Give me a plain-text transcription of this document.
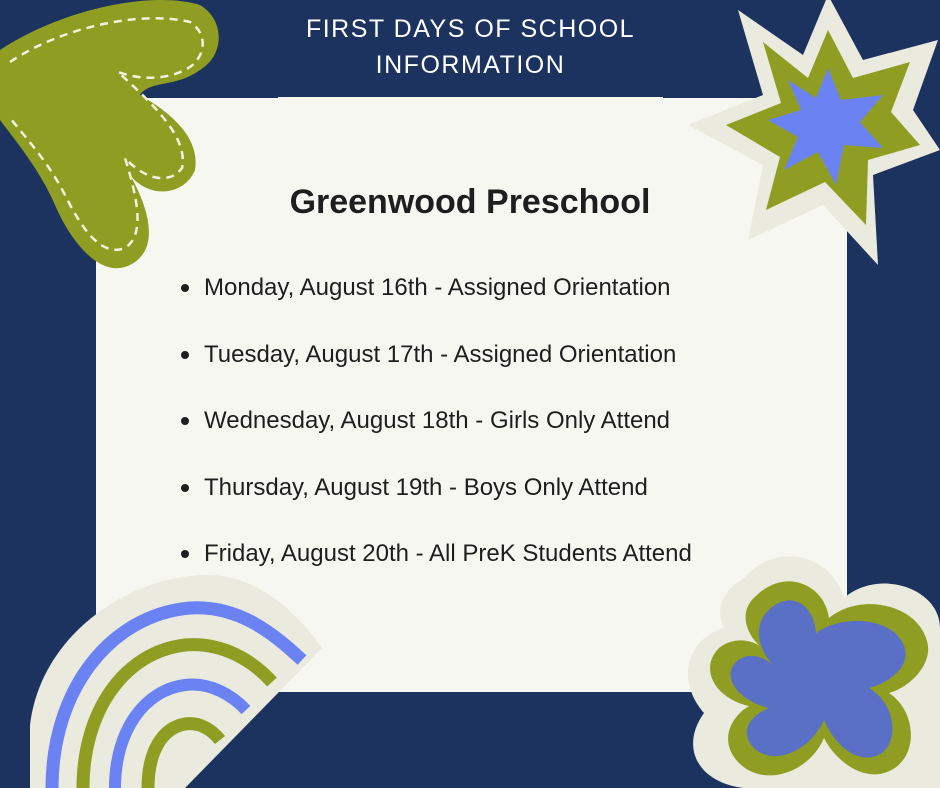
FIRST DAYS OF SCHOOL INFORMATION
Greenwood Preschool
Monday, August 16th - Assigned Orientation
Tuesday, August 17th - Assigned Orientation
Wednesday, August 18th - Girls Only Attend
Thursday, August 19th - Boys Only Attend
Friday, August 20th - All PreK Students Attend
